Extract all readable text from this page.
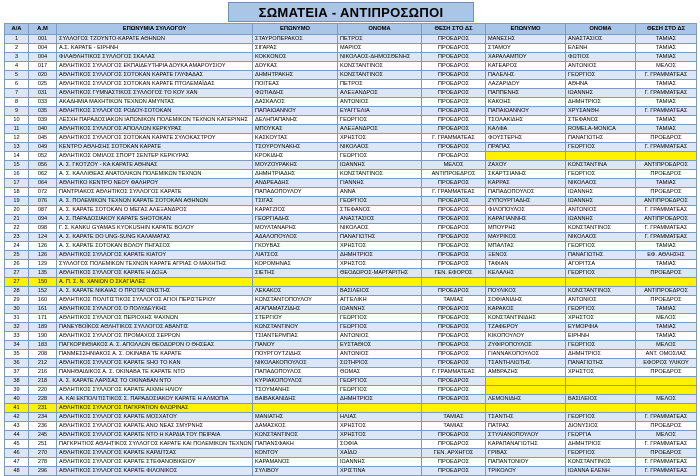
ΣΩΜΑΤΕΙΑ - ΑΝΤΙΠΡΟΣΩΠΟΙ
Α/Α	Α.Μ	ΕΠΩΝΥΜΙΑ ΣΥΛΛΟΓΟΥ	ΕΠΩΝΥΜΟ	ΟΝΟΜΑ	ΘΕΣΗ ΣΤΟ ΔΣ	ΕΠΩΝΥΜΟ	ΟΝΟΜΑ	ΘΕΣΗ ΣΤΟ ΔΣ
1	001	ΣΥΛΛΟΓΟΣ ΤΖΟΥΝΤΟ-ΚΑΡΑΤΕ ΑΘΗΝΩΝ	ΣΤΑΥΡΟΠΕΡΑΚΟΣ	ΠΕΤΡΟΣ	ΠΡΟΕΔΡΟΣ	ΜΑΝΕΣΗΣ	ΑΝΑΣΤΑΣΙΟΣ	ΤΑΜΙΑΣ
2	004	Α.Σ. ΚΑΡΑΤΕ - ΕΙΡΗΝΗ	ΣΙΓΑΡΑΣ	ΜΑΡΙΟΣ	ΠΡΟΕΔΡΟΣ	ΣΤΑΜΟΥ	ΕΛΕΝΗ	ΤΑΜΙΑΣ
3	004	ΦΙΛΑΘΛΗΤΙΚΟΣ ΣΥΛΛΟΓΟΣ ΣΚΑΛΑΣ	ΚΟΚΚΟΝΟΣ	ΝΙΚΟΛΑΟΣ-ΔΗΜΟΣΘΕΝΗΣ	ΠΡΟΕΔΡΟΣ	ΧΑΡΑΛΑΜΠΟΥ	ΦΩΤΙΟΣ	ΤΑΜΙΑΣ
4	017	ΑΘΛΗΤΙΚΟΣ ΣΥΛΛΟΓΟΣ ΕΚΠΑΙΔΕΥΤΗΡΙΑ ΔΟΥΚΑ ΑΜΑΡΟΥΣΙΟΥ	ΔΟΥΚΑΣ	ΚΩΝΣΤΑΝΤΙΝΟΣ	ΠΡΟΕΔΡΟΣ	ΚΑΤΕΑΡΟΣ	ΑΝΤΩΝΙΟΣ	ΜΕΛΟΣ
5	020	ΑΘΛΗΤΙΚΟΣ ΣΥΛΛΟΓΟΣ ΣΟΤΟΚΑΝ ΚΑΡΑΤΕ ΓΛΥΦΑΔΑΣ	ΔΗΜΗΤΡΑΚΗΣ	ΚΩΝΣΤΑΝΤΙΝΟΣ	ΠΡΟΕΔΡΟΣ	ΠΑΛΕΛΗΣ	ΓΕΩΡΓΙΟΣ	Γ. ΓΡΑΜΜΑΤΕΑΣ
6	025	ΑΘΛΗΤΙΚΟΣ ΣΥΛΛΟΓΟΣ ΣΟΤΟΚΑΝ ΚΑΡΑΤΕ ΠΤΟΛΕΜΑΪΔΑΣ	ΠΟΙΤΕΑΣ	ΠΕΤΡΟΣ	ΠΡΟΕΔΡΟΣ	ΛΑΖΑΡΙΔΟΥ	ΑΘΗΝΑ	ΤΑΜΙΑΣ
7	031	ΑΘΛΗΤΙΚΟΣ ΓΥΜΝΑΣΤΙΚΟΣ ΣΥΛΛΟΓΟΣ ΤΟ ΚΟΥ ΧΑΝ	ΦΩΤΙΑΔΗΣ	ΑΛΕΞΑΝΔΡΟΣ	ΠΡΟΕΔΡΟΣ	ΠΑΠΠΕΝΗΣ	ΙΩΑΝΝΗΣ	Γ. ΓΡΑΜΜΑΤΕΑΣ
8	033	ΑΚΑΔΗΜΙΑ ΜΑΧΗΤΙΚΩΝ ΤΕΧΝΩΝ ΑΜΥΝΤΑΣ	ΔΑΣΚΑΛΟΣ	ΑΝΤΩΝΙΟΣ	ΠΡΟΕΔΡΟΣ	ΚΑΚΟΗΣ	ΔΗΜΗΤΡΙΟΣ	ΤΑΜΙΑΣ
9	035	ΑΘΛΗΤΙΚΟΣ ΣΥΛΛΟΓΟΣ ΡΟΔΟΥ-ΣΟΤΟΚΑΝ	ΠΑΠΑΙΩΑΝΝΟΥ	ΕΥΑΓΓΕΛΙΑ	ΠΡΟΕΔΡΟΣ	ΠΑΠΑΙΩΑΝΝΟΥ	ΧΡΥΣΑΝΘΗ	Γ. ΓΡΑΜΜΑΤΕΑΣ
10	039	ΛΕΣΧΗ ΠΑΡΑΔΟΣΙΑΚΩΝ ΙΑΠΩΝΙΚΩΝ ΠΟΛΕΜΙΚΩΝ ΤΕΧΝΩΝ ΚΑΤΕΡΙΝΗΣ	ΔΕΛΗΠΑΠΑΝΗΣ	ΓΕΩΡΓΙΟΣ	ΠΡΟΕΔΡΟΣ	ΤΣΟΛΑΚΙΔΗΣ	ΣΤΕΦΑΝΟΣ	ΤΑΜΙΑΣ
11	040	ΑΘΛΗΤΙΚΟΣ ΣΥΛΛΟΓΟΣ ΑΠΟΛΛΩΝ ΚΕΡΚΥΡΑΣ	ΜΠΟΥΚΑΣ	ΑΛΕΞΑΝΔΡΟΣ	ΠΡΟΕΔΡΟΣ	ΚΑΛΦΑ	ROMELA-MONICA	ΤΑΜΙΑΣ
12	045	ΑΘΛΗΤΙΚΟΣ ΣΥΛΛΟΓΟΣ ΣΟΤΟΚΑΝ ΚΑΡΑΤΕ ΣΥΛΟΚΑΣΤΡΟΥ	ΚΑΣΚΟΥΤΑΣ	ΧΡΗΣΤΟΣ	Γ. ΓΡΑΜΜΑΤΕΑΣ	ΦΟΥΣΤΕΡΗΣ	ΠΑΝΑΓΙΩΤΗΣ	ΠΡΟΕΔΡΟΣ
13	049	ΚΕΝΤΡΟ ΑΘΛΗΣΗΣ ΣΟΤΟΚΑΝ ΚΑΡΑΤΕ	ΤΣΟΥΡΟΥΝΑΚΗΣ	ΝΙΚΟΛΑΟΣ	ΠΡΟΕΔΡΟΣ	ΠΡΑΠΑΣ	ΓΕΩΡΓΙΟΣ	Γ. ΓΡΑΜΜΑΤΕΑΣ
14	052	ΑΘΛΗΤΙΚΟΣ ΟΜΙΛΟΣ ΣΠΟΡΤ ΣΕΝΤΕΡ ΚΕΡΚΥΡΑΣ	ΚΡΟΚΙΔΗΣ	ΓΕΩΡΓΙΟΣ	ΠΡΟΕΔΡΟΣ			
15	056	Α. Σ. ΓΚΟΤΖΟΥ - ΚΑ ΚΑΡΑΤΕ ΑΘΗΝΑΣ	ΜΟΥΖΟΥΡΑΚΗΣ	ΙΩΑΝΝΗΣ	ΜΕΛΟΣ	ΖΑΧΟΥ	ΚΩΝΣΤΑΝΤΙΝΑ	ΑΝΤΙΠΡΟΕΔΡΟΣ
16	062	Α. Σ. ΚΑΛΛΙΘΕΑΣ ΑΝΑΤΟΛΙΚΩΝ ΠΟΛΕΜΙΚΩΝ ΤΕΧΝΩΝ	ΔΗΜΗΤΡΙΑΔΗΣ	ΚΩΝΣΤΑΝΤΙΝΟΣ	ΑΝΤΙΠΡΟΕΔΡΟΣ	ΣΚΑΡΤΣΙΑΝΗΣ	ΓΕΩΡΓΙΟΣ	ΠΡΟΕΔΡΟΣ
17	064	ΑΘΛΗΤΙΚΟ ΚΕΝΤΡΟ ΝΕΟΥ ΦΑΛΗΡΟΥ	ΑΝΔΡΕΑΔΗΣ	ΓΙΑΝΝΗΣ	ΠΡΟΕΔΡΟΣ	ΚΑΡΡΑΣ	ΝΙΚΟΛΑΟΣ	ΤΑΜΙΑΣ
18	072	ΠΑΝΤΡΙΑΚΟΣ ΑΘΛΗΤΙΚΟΣ ΣΥΛΛΟΓΟΣ ΚΑΡΑΤΕ	ΠΑΠΑΔΟΠΟΥΛΟΥ	ΑΝΝΑ	Γ. ΓΡΑΜΜΑΤΕΑΣ	ΠΑΠΑΔΟΠΟΥΛΟΣ	ΙΩΑΝΝΗΣ	ΠΡΟΕΔΡΟΣ
19	076	Α. Σ. ΠΟΛΕΜΙΚΩΝ ΤΕΧΝΩΝ ΚΑΡΑΤΕ ΣΟΤΟΚΑΝ ΑΘΗΝΩΝ	ΤΣΙΓΑΣ	ΓΕΩΡΓΙΟΣ	ΠΡΟΕΔΡΟΣ	ΖΥΠΟΥΡΓΙΑΔΗΣ	ΙΩΑΝΝΗΣ	ΑΝΤΙΠΡΟΕΔΡΟΣ
20	087	Α. Σ. ΚΑΡΑΤΕ ΣΟΤΟΚΑΝ Ο ΜΕΓΑΣ ΑΛΕΞΑΝΔΡΟΣ	ΚΑΡΑΤΖΙΟΣ	ΣΤΕΦΑΝΟΣ	ΠΡΟΕΔΡΟΣ	ΦΙΛΟΠΟΥΛΟΣ	ΑΝΤΩΝΙΟΣ	Γ. ΓΡΑΜΜΑΤΕΑΣ
21	094	Α. Σ. ΠΑΡΑΔΟΣΙΑΚΟΥ ΚΑΡΑΤΕ SHOTOKAN	ΓΕΩΡΓΙΑΔΗΣ	ΑΝΑΣΤΑΣΙΟΣ	ΠΡΟΕΔΡΟΣ	ΚΑΡΑΓΙΑΝΝΗΣ	ΙΩΑΝΝΗΣ	ΑΝΤΙΠΡΟΕΔΡΟΣ
22	098	Γ. Σ. KANKU GYAMAS KYOKUSHIN ΚΑΡΑΤΕ ΒΟΛΟΥ	ΜΟΥΛΤΑΝΑΡΗΣ	ΝΙΚΟΛΑΟΣ	ΠΡΟΕΔΡΟΣ	ΜΠΟΥΡΗΣ	ΚΩΝΣΤΑΝΤΙΝΟΣ	Γ. ΓΡΑΜΜΑΤΕΑΣ
23	124	Α. Σ. ΚΑΡΑΤΕ DO UNG-SUNG ΚΑΛΑΜΑΤΑΣ	ΑΔΑΛΟΠΟΥΛΟΣ	ΠΑΝΑΓΙΩΤΗΣ	ΠΡΟΕΔΡΟΣ	ΜΑΥΡΙΚΟΣ	ΝΙΚΟΛΑΟΣ	Γ. ΓΡΑΜΜΑΤΕΑΣ
24	126	Α. Σ. ΚΑΡΑΤΕ ΣΟΤΟΚΑΝ ΒΟΛΟΥ ΠΗΓΑΣΟΣ	ΓΚΟΥΒΑΣ	ΧΡΗΣΤΟΣ	ΠΡΟΕΔΡΟΣ	ΜΠΑΛΤΑΣ	ΓΕΩΡΓΙΟΣ	ΤΑΜΙΑΣ
25	126	ΑΘΛΗΤΙΚΟΣ ΣΥΛΛΟΓΟΣ ΚΑΡΑΤΕ ΚΙΑΤΟΥ	ΛΙΑΤΣΟΣ	ΔΗΜΗΤΡΙΟΣ	ΠΡΟΕΔΡΟΣ	ΞΕΝΟΣ	ΠΑΝΑΓΙΩΤΗΣ	ΕΦ. ΑΘΛΗΣΗΣ
26	129	ΣΥΛΛΟΓΟΣ ΠΟΛΕΜΙΚΩΝ ΤΕΧΝΩΝ ΚΑΡΑΤΕ ΑΓΡΙΑΣ Ο ΜΑΧΗΤΗΣ	ΚΟΡΟΜΗΝΑΣ	ΧΡΗΣΤΟΣ	ΠΡΟΕΔΡΟΣ	ΤΑΦΙΑΝ	ΑΓΟΡΙΤΣΑ	ΤΑΜΙΑΣ
27	135	ΑΘΛΗΤΙΚΟΣ ΣΥΛΛΟΓΟΣ ΚΑΡΑΤΕ Η ΔΟΞΑ	ΣΙΕΤΗΣ	ΘΕΟΔΩΡΟΣ-ΜΑΡΓΑΡΙΤΗΣ	ΓΕΝ. ΕΦΟΡΟΣ	ΚΕΛΑΛΗΣ	ΓΕΩΡΓΙΟΣ	ΠΡΟΕΔΡΟΣ
27	150	Α. Π. Σ. Ν. ΧΑΝΙΩΝ Ο ΣΚΑΓΙΑΛΕΣ						
28	152	Α. Σ. ΚΑΡΑΤΕ ΝΙΚΑΙΑΣ Ο ΠΡΩΤΑΓΩΝΙΣΤΗΣ	ΛΕΚΑΚΟΣ	ΒΑΣΙΛΕΙΟΣ	ΠΡΟΕΔΡΟΣ	ΠΟΥΛΙΚΟΣ	ΚΩΝΣΤΑΝΤΙΝΟΣ	ΑΝΤΙΠΡΟΕΔΡΟΣ
29	160	ΑΘΛΗΤΙΚΟΣ ΠΟΛΙΤΙΣΤΙΚΟΣ ΣΥΛΛΟΓΟΣ ΑΓΙΟΙ ΠΕΡΙΣΤΕΡΙΟΥ	ΚΩΝΣΤΑΝΤΟΠΟΥΛΟΥ	ΑΓΓΕΛΙΚΗ	ΤΑΜΙΑΣ	ΣΟΦΙΑΝΙΔΗΣ	ΑΝΤΩΝΙΟΣ	ΠΡΟΕΔΡΟΣ
30	161	ΑΘΛΗΤΙΚΟΣ ΣΥΛΛΟΓΟΣ Ο ΠΟΛΥΔΕΥΚΗΣ	ΑΓΑΠΑΜΑΤΖΙΔΗΣ	ΙΩΑΝΝΗΣ	ΠΡΟΕΔΡΟΣ	ΚΑΡΑΚΟΣ	ΓΕΩΡΓΙΟΣ	ΤΑΜΙΑΣ
31	171	ΑΘΛΗΤΙΚΟΣ ΣΥΛΛΟΓΟΣ ΠΕΡΙΟΧΗΣ ΨΑΧΝΩΝ	ΣΤΕΡΓΙΟΥ	ΓΕΩΡΓΙΟΣ	ΠΡΟΕΔΡΟΣ	ΚΩΝΣΤΑΝΤΙΝΙΔΗΣ	ΧΡΗΣΤΟΣ	ΜΕΛΟΣ
32	189	ΠΑΝΕΥΒΟΪΚΟΣ ΑΘΛΗΤΙΚΟΣ ΣΥΛΛΟΓΟΣ ΑΒΑΝΤΙΣ	ΚΩΝΣΤΑΝΤΙΝΟΥ	ΓΕΩΡΓΙΟΣ	ΠΡΟΕΔΡΟΣ	ΤΖΑΦΕΡΟΥ	ΕΥΜΟΡΦΙΑ	ΤΑΜΙΑΣ
33	190	ΑΘΛΗΤΙΚΟΣ ΣΥΛΛΟΓΟΣ ΠΡΟΜΑΧΟΣ ΣΕΡΡΩΝ	ΤΣΙΑΝΤΕΡΜΠΑΣ	ΑΝΤΩΝΙΟΣ	ΠΡΟΕΔΡΟΣ	ΚΙΚΟΠΟΥΛΟΥ	ΕΙΡΗΝΗ	ΤΑΜΙΑΣ
34	183	ΠΑΓΚΟΡΙΝΘΙΑΚΟΣ Α. Σ. ΑΠΟΛΛΩΝ ΘΕΟΔΩΡΟΝ Ο ΘΗΣΕΑΣ	ΠΑΝΟΥ	ΕΥΣΤΑΘΙΟΣ	ΠΡΟΕΔΡΟΣ	ΖΥΦΙΡΟΠΟΥΛΟΣ	ΓΕΩΡΓΙΟΣ	ΜΕΛΟΣ
35	208	ΠΑΝΜΕΣΣΗΝΙΑΚΟΣ Α. Σ. ΟΚΙΝΑΒΑ ΤΕ ΚΑΡΑΤΕ	ΠΟΥΡΓΟΥΤΖΙΔΗΣ	ΑΝΤΩΝΙΟΣ	ΠΡΟΕΔΡΟΣ	ΓΙΑΝΝΑΚΟΠΟΥΛΟΣ	ΔΗΜΗΤΡΙΟΣ	ΑΝΤ. ΟΜΟΣ/ΙΑΣ
36	212	ΑΘΛΗΤΙΚΟΣ ΣΥΛΛΟΓΟΣ ΚΑΡΑΤΕ SHO TO KAN	ΝΙΚΟΛΑΚΟΠΟΥΛΟΣ	ΣΩΤΗΡΙΟΣ	ΠΡΟΕΔΡΟΣ	ΤΣΑΝΤΗΛΙΩΤΗΣ	ΠΑΝΑΓΙΩΤΗΣ	ΕΦΟΡΟΣ ΥΛΙΚΟΥ
37	216	ΠΑΝΗΘΑΙΔΙΚΟΣ Α. Σ. ΟΚΙΝΑΒΑ ΤΕ ΚΑΡΑΤΕ ΝΤΟ	ΠΑΠΑΔΟΠΟΥΛΟΣ	ΘΩΜΑΣ	Γ. ΓΡΑΜΜΑΤΕΑΣ	ΑΜΒΡΑΖΗΣ	ΧΡΗΣΤΟΣ	ΠΡΟΕΔΡΟΣ
38	218	Α. Σ. ΚΑΡΑΤΕ ΛΑΡΙΣΑΣ ΤΟ ΟΚΙΝΑΒΑΝ ΝΤΟ	ΚΥΡΙΑΚΟΠΟΥΛΟΣ	ΓΕΩΡΓΙΟΣ	ΠΡΟΕΔΡΟΣ			
39	220	ΑΘΛΗΤΙΚΟΣ ΣΥΛΛΟΓΟΣ ΚΑΡΑΤΕ ΑΙΧΜΗ ΗΛΙΟΥ	ΤΣΟΥΜΑΝΗΣ	ΓΕΩΡΓΙΟΣ	ΠΡΟΕΔΡΟΣ			
40	228	Α. ΚΑΙ ΕΚΠΟΛΙΤΙΣΤΙΚΟΣ Σ. ΠΑΡΑΔΟΣΙΑΚΟΥ ΚΑΡΑΤΕ Η ΑΛΜΩΠΙΑ	ΒΑΙΒΑΚΑΝΙΔΗΣ	ΔΗΜΗΤΡΙΟΣ	ΠΡΟΕΔΡΟΣ	ΛΕΜΟΝΙΔΗΣ	ΒΑΣΙΛΕΙΟΣ	ΜΕΛΟΣ
41	231	ΑΘΛΗΤΙΚΟΣ ΣΥΛΛΟΓΟΣ ΠΑΓΚΡΑΤΙΟΝ ΦΛΩΡΙΝΑΣ						
42	234	ΑΘΛΗΤΙΚΟΣ ΣΥΛΛΟΓΟΣ ΚΑΡΑΤΕ ΜΟΣΧΑΤΟΥ	ΜΑΝΙΑΤΗΣ	ΗΛΙΑΣ	ΤΑΜΙΑΣ	ΤΣΑΝΤΗΣ	ΓΕΩΡΓΙΟΣ	Γ. ΓΡΑΜΜΑΤΕΑΣ
43	236	ΑΘΛΗΤΙΚΟΣ ΣΥΛΛΟΓΟΣ ΚΑΡΑΤΕ ΑΝΩ ΝΕΑΣ ΣΜΥΡΝΗΣ	ΔΑΜΑΣΚΟΣ	ΧΡΗΣΤΟΣ	ΤΑΜΙΑΣ	ΠΑΤΡΑΣ	ΔΙΟΝΥΣΙΟΣ	ΠΡΟΕΔΡΟΣ
44	245	ΑΘΛΗΤΙΚΟΣ ΣΥΛΛΟΓΟΣ ΚΑΡΑΤΕ ΝΤΟ Η ΚΑΡΔΙΑ ΤΟΥ ΠΕΙΡΑΙΑ	ΚΩΝΣΤΑΝΤΙΝΟΣ	ΧΡΗΣΤΟΣ	ΠΡΟΕΔΡΟΣ	ΣΤΥΛΙΑΝΟΠΟΥΛΟΥ	ΓΕΩΡΓΙΑ	ΜΕΛΟΣ
45	251	ΠΑΓΚΡΗΤΙΟΣ ΑΘΛΗΤΙΚΟΣ ΣΥΛΛΟΓΟΣ ΚΑΡΑΤΕ ΚΑΙ ΠΟΛΕΜΙΚΩΝ ΤΕΧΝΩΝ	ΠΑΠΑΝΣΦΑΚΗ	ΣΟΦΙΑ	ΠΡΟΕΔΡΟΣ	ΚΑΡΑΠΑΝΑΓΙΩΤΗΣ	ΔΗΜΗΤΡΙΟΣ	Γ. ΓΡΑΜΜΑΤΕΑΣ
46	270	ΑΘΛΗΤΙΚΟΣ ΣΥΛΛΟΓΟΣ ΚΑΡΑΤΕ ΚΑΡΔΙΤΣΑΣ	ΚΟΝΤΟΥ	ΧΑΪΔΩ	ΓΕΝ. ΑΡΧΗΓΟΣ	ΓΡΙΒΑΣ	ΓΕΩΡΓΙΟΣ	ΠΡΟΕΔΡΟΣ
47	278	ΑΘΛΗΤΙΚΟΣ ΣΥΛΛΟΓΟΣ ΚΑΡΑΤΕ ΣΤΕΦΑΝΟΒΙΚΕΙΟΥ	ΚΑΡΑΜΑΝΟΣ	ΙΩΑΝΝΗΣ	ΠΡΟΕΔΡΟΣ	ΠΑΠΑΝΤΩΝΙΟΥ	ΚΩΝΣΤΑΝΤΙΝΟΣ	Γ. ΓΡΑΜΜΑΤΕΑΣ
48	296	ΑΘΛΗΤΙΚΟΣ ΣΥΛΛΟΓΟΣ ΚΑΡΑΤΕ ΦΙΛΟΝΙΚΟΣ	ΣΥΛΙΒΟΥ	ΧΡΙΣΤΙΝΑ	ΠΡΟΕΔΡΟΣ	ΤΡΙΚΟΛΟΥ	ΙΩΑΝΝΑ ΕΛΕΝΗ	Γ. ΓΡΑΜΜΑΤΕΑΣ
